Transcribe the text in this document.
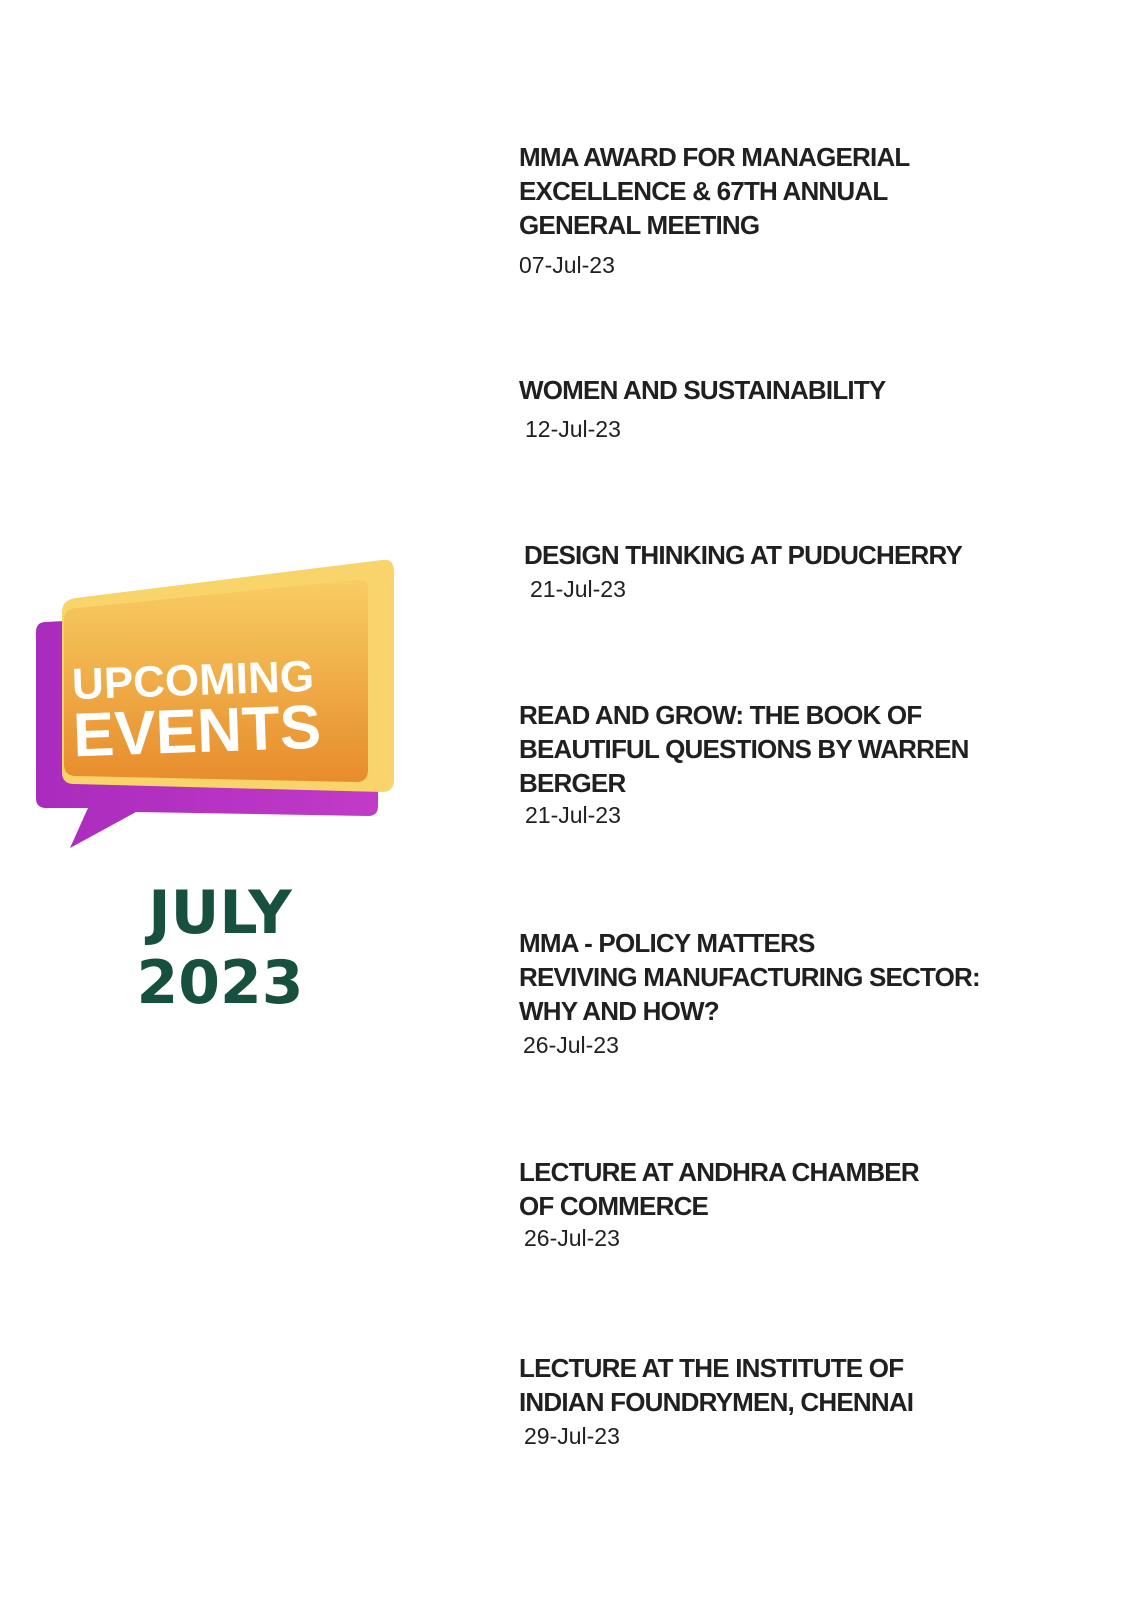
UPCOMING
EVENTS
JULY
2023
MMA AWARD FOR MANAGERIAL
EXCELLENCE & 67TH ANNUAL
GENERAL MEETING
07-Jul-23
WOMEN AND SUSTAINABILITY
12-Jul-23
DESIGN THINKING AT PUDUCHERRY
21-Jul-23
READ AND GROW: THE BOOK OF
BEAUTIFUL QUESTIONS BY WARREN
BERGER
21-Jul-23
MMA - POLICY MATTERS
REVIVING MANUFACTURING SECTOR:
WHY AND HOW?
26-Jul-23
LECTURE AT ANDHRA CHAMBER
OF COMMERCE
26-Jul-23
LECTURE AT THE INSTITUTE OF
INDIAN FOUNDRYMEN, CHENNAI
29-Jul-23
